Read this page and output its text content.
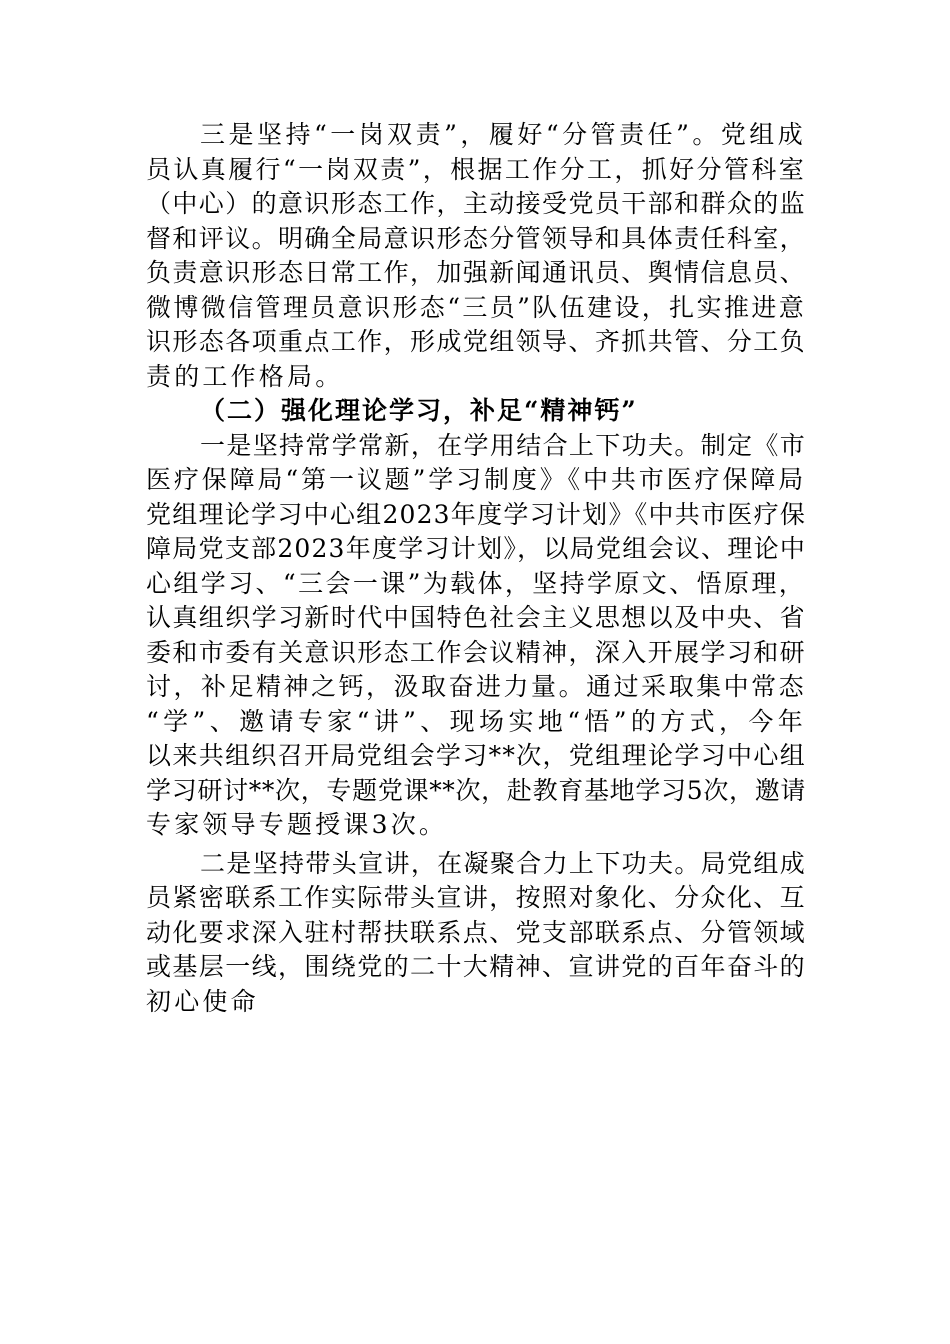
三是坚持“一岗双责”，履好“分管责任”。党组成
员认真履行“一岗双责”，根据工作分工，抓好分管科室
（中心）的意识形态工作，主动接受党员干部和群众的监
督和评议。明确全局意识形态分管领导和具体责任科室，
负责意识形态日常工作，加强新闻通讯员、舆情信息员、
微博微信管理员意识形态“三员”队伍建设，扎实推进意
识形态各项重点工作，形成党组领导、齐抓共管、分工负
责的工作格局。
（二）强化理论学习，补足“精神钙”
一是坚持常学常新，在学用结合上下功夫。制定《市
医疗保障局“第一议题”学习制度》《中共市医疗保障局
党组理论学习中心组2023年度学习计划》《中共市医疗保
障局党支部2023年度学习计划》，以局党组会议、理论中
心组学习、“三会一课”为载体，坚持学原文、悟原理，
认真组织学习新时代中国特色社会主义思想以及中央、省
委和市委有关意识形态工作会议精神，深入开展学习和研
讨，补足精神之钙，汲取奋进力量。通过采取集中常态
“学”、邀请专家“讲”、现场实地“悟”的方式，今年
以来共组织召开局党组会学习**次，党组理论学习中心组
学习研讨**次，专题党课**次，赴教育基地学习5次，邀请
专家领导专题授课3次。
二是坚持带头宣讲，在凝聚合力上下功夫。局党组成
员紧密联系工作实际带头宣讲，按照对象化、分众化、互
动化要求深入驻村帮扶联系点、党支部联系点、分管领域
或基层一线，围绕党的二十大精神、宣讲党的百年奋斗的
初心使命
